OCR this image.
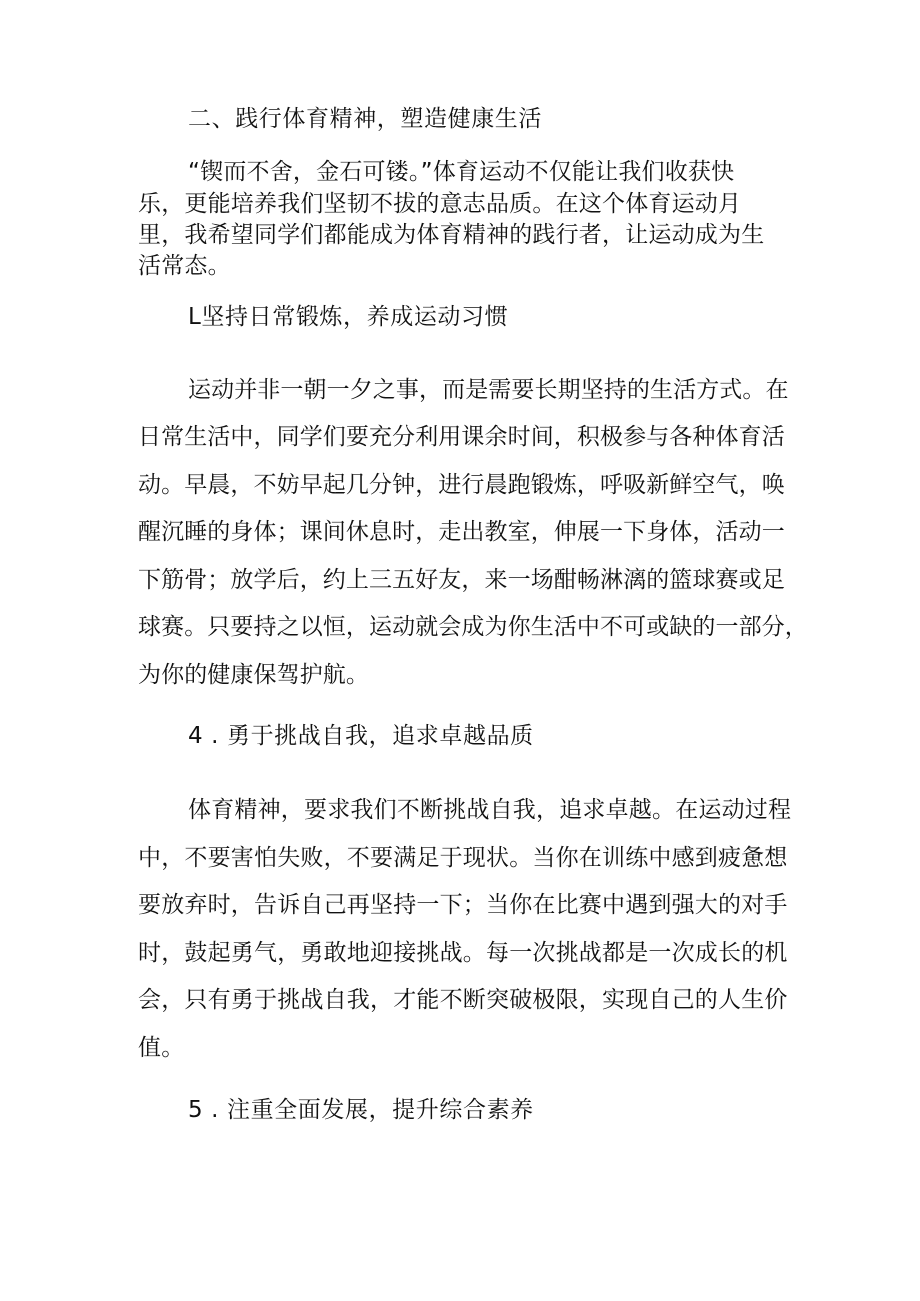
二、践行体育精神，塑造健康生活

“锲而不舍，金石可镂。”体育运动不仅能让我们收获快

乐，更能培养我们坚韧不拔的意志品质。在这个体育运动月

里，我希望同学们都能成为体育精神的践行者，让运动成为生

活常态。

L坚持日常锻炼，养成运动习惯

运动并非一朝一夕之事，而是需要长期坚持的生活方式。在

日常生活中，同学们要充分利用课余时间，积极参与各种体育活

动。早晨，不妨早起几分钟，进行晨跑锻炼，呼吸新鲜空气，唤

醒沉睡的身体；课间休息时，走出教室，伸展一下身体，活动一

下筋骨；放学后，约上三五好友，来一场酣畅淋漓的篮球赛或足

球赛。只要持之以恒，运动就会成为你生活中不可或缺的一部分，

为你的健康保驾护航。

4 . 勇于挑战自我，追求卓越品质

体育精神，要求我们不断挑战自我，追求卓越。在运动过程

中，不要害怕失败，不要满足于现状。当你在训练中感到疲惫想

要放弃时，告诉自己再坚持一下；当你在比赛中遇到强大的对手

时，鼓起勇气，勇敢地迎接挑战。每一次挑战都是一次成长的机

会，只有勇于挑战自我，才能不断突破极限，实现自己的人生价

值。

5 . 注重全面发展，提升综合素养
